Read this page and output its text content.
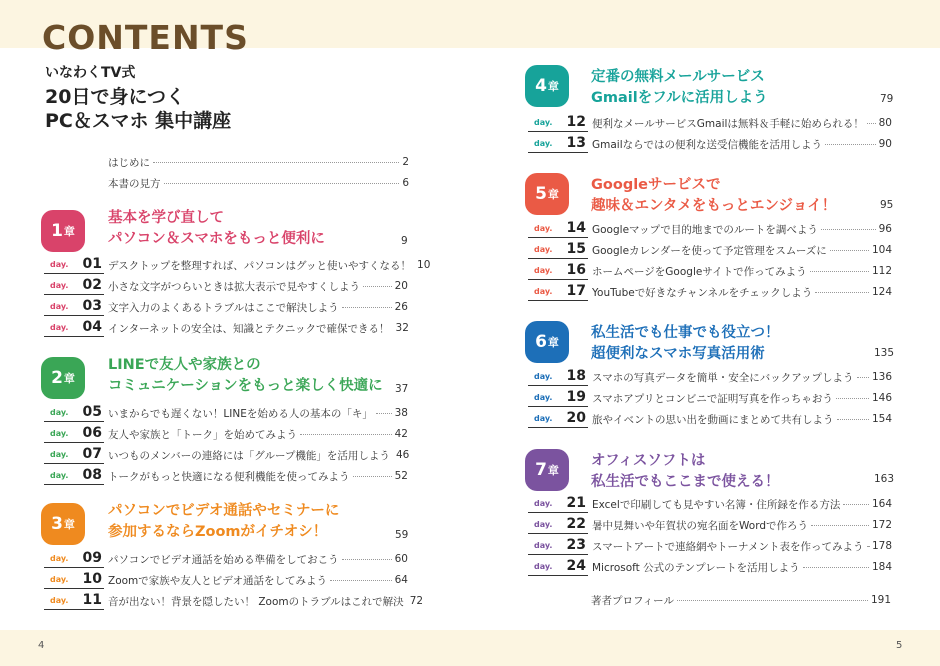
CONTENTS
いなわくTV式
20日で身につく
PC＆スマホ 集中講座
はじめに	2
本書の見方	6
1 章
基本を学び直して
パソコン＆スマホをもっと便利に	9
day. 01 デスクトップを整理すれば、パソコンはグッと使いやすくなる！ 10
day. 02 小さな文字がつらいときは拡大表示で見やすくしよう	20
day. 03 文字入力のよくあるトラブルはここで解決しよう	26
day. 04 インターネットの安全は、知識とテクニックで確保できる！ 32
2 章
LINEで友人や家族との
コミュニケーションをもっと楽しく快適に 37
day. 05 いまからでも遅くない！LINEを始める人の基本の「キ」 38
day. 06 友人や家族と「トーク」を始めてみよう	42
day. 07 いつものメンバーの連絡には「グループ機能」を活用しよう 46
day. 08 トークがもっと快適になる便利機能を使ってみよう	52
3 章
パソコンでビデオ通話やセミナーに
参加するならZoomがイチオシ！	59
day. 09 パソコンでビデオ通話を始める準備をしておこう	60
day. 10 Zoomで家族や友人とビデオ通話をしてみよう	64
day. 11 音が出ない！背景を隠したい！ Zoomのトラブルはこれで解決 72
4 章
定番の無料メールサービス
Gmailをフルに活用しよう	79
day. 12 便利なメールサービスGmailは無料＆手軽に始められる！ 80
day. 13 Gmailならではの便利な送受信機能を活用しよう	90
5 章
Googleサービスで
趣味＆エンタメをもっとエンジョイ！	95
day. 14 Googleマップで目的地までのルートを調べよう	96
day. 15 Googleカレンダーを使って予定管理をスムーズに	104
day. 16 ホームページをGoogleサイトで作ってみよう	112
day. 17 YouTubeで好きなチャンネルをチェックしよう	124
6 章
私生活でも仕事でも役立つ！
超便利なスマホ写真活用術	135
day. 18 スマホの写真データを簡単・安全にバックアップしよう 136
day. 19 スマホアプリとコンビニで証明写真を作っちゃおう	146
day. 20 旅やイベントの思い出を動画にまとめて共有しよう	154
7 章
オフィスソフトは
私生活でもここまで使える！	163
day. 21 Excelで印刷しても見やすい名簿・住所録を作る方法	164
day. 22 暑中見舞いや年賀状の宛名面をWordで作ろう	172
day. 23 スマートアートで連絡網やトーナメント表を作ってみよう 178
day. 24 Microsoft 公式のテンプレートを活用しよう	184
著者プロフィール	191
4	5
